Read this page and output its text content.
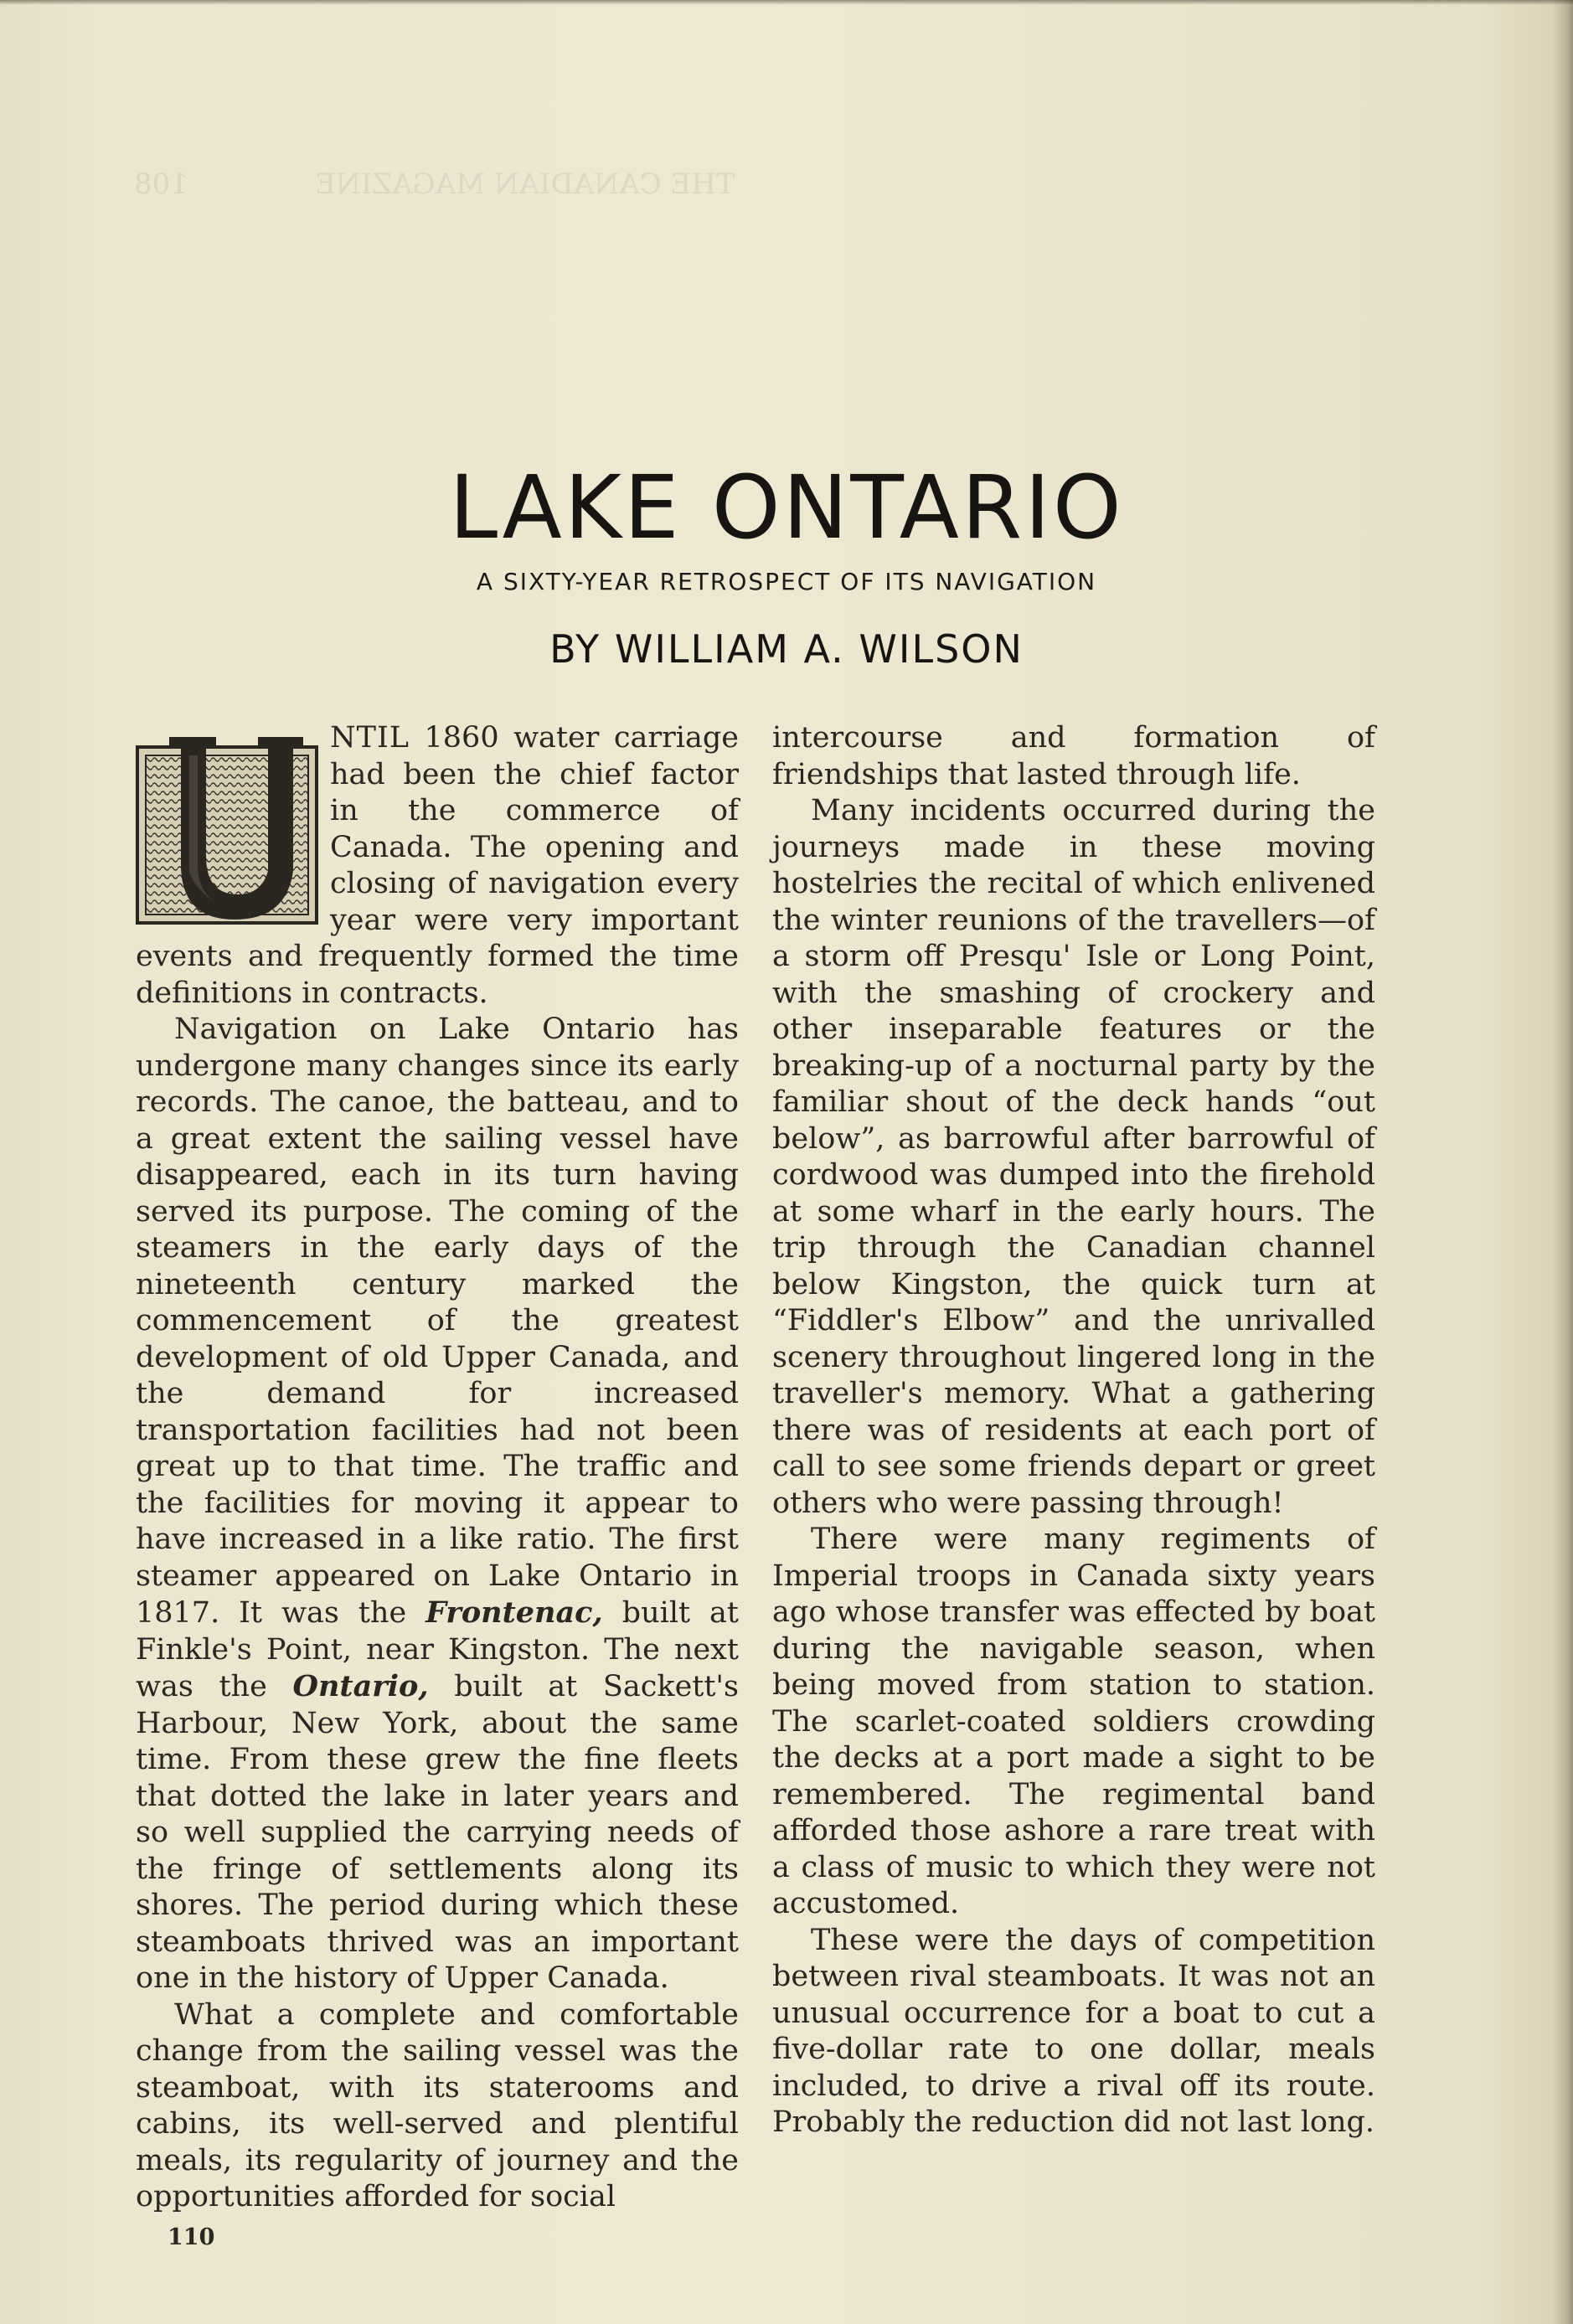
THE CANADIAN MAGAZINE              108
LAKE ONTARIO
A SIXTY-YEAR RETROSPECT OF ITS NAVIGATION
BY WILLIAM A. WILSON

NTIL 1860 water carriage had been the chief factor in the commerce of Canada. The opening and closing of navigation every year were very important events and frequently formed the time definitions in contracts.

Navigation on Lake Ontario has undergone many changes since its early records. The canoe, the batteau, and to a great extent the sailing vessel have disappeared, each in its turn having served its purpose. The coming of the steamers in the early days of the nineteenth century marked the commencement of the greatest development of old Upper Canada, and the demand for increased transportation facilities had not been great up to that time. The traffic and the facilities for moving it appear to have increased in a like ratio. The first steamer appeared on Lake Ontario in 1817. It was the Frontenac, built at Finkle's Point, near Kingston. The next was the Ontario, built at Sackett's Harbour, New York, about the same time. From these grew the fine fleets that dotted the lake in later years and so well supplied the carrying needs of the fringe of settlements along its shores. The period during which these steamboats thrived was an important one in the history of Upper Canada.

What a complete and comfortable change from the sailing vessel was the steamboat, with its staterooms and cabins, its well-served and plentiful meals, its regularity of journey and the opportunities afforded for social

intercourse and formation of friendships that lasted through life.

Many incidents occurred during the journeys made in these moving hostelries the recital of which enlivened the winter reunions of the travellers—of a storm off Presqu' Isle or Long Point, with the smashing of crockery and other inseparable features or the breaking-up of a nocturnal party by the familiar shout of the deck hands “out below”, as barrowful after barrowful of cordwood was dumped into the firehold at some wharf in the early hours. The trip through the Canadian channel below Kingston, the quick turn at “Fiddler's Elbow” and the unrivalled scenery throughout lingered long in the traveller's memory. What a gathering there was of residents at each port of call to see some friends depart or greet others who were passing through!

There were many regiments of Imperial troops in Canada sixty years ago whose transfer was effected by boat during the navigable season, when being moved from station to station. The scarlet-coated soldiers crowding the decks at a port made a sight to be remembered. The regimental band afforded those ashore a rare treat with a class of music to which they were not accustomed.

These were the days of competition between rival steamboats. It was not an unusual occurrence for a boat to cut a five-dollar rate to one dollar, meals included, to drive a rival off its route. Probably the reduction did not last long.

110
